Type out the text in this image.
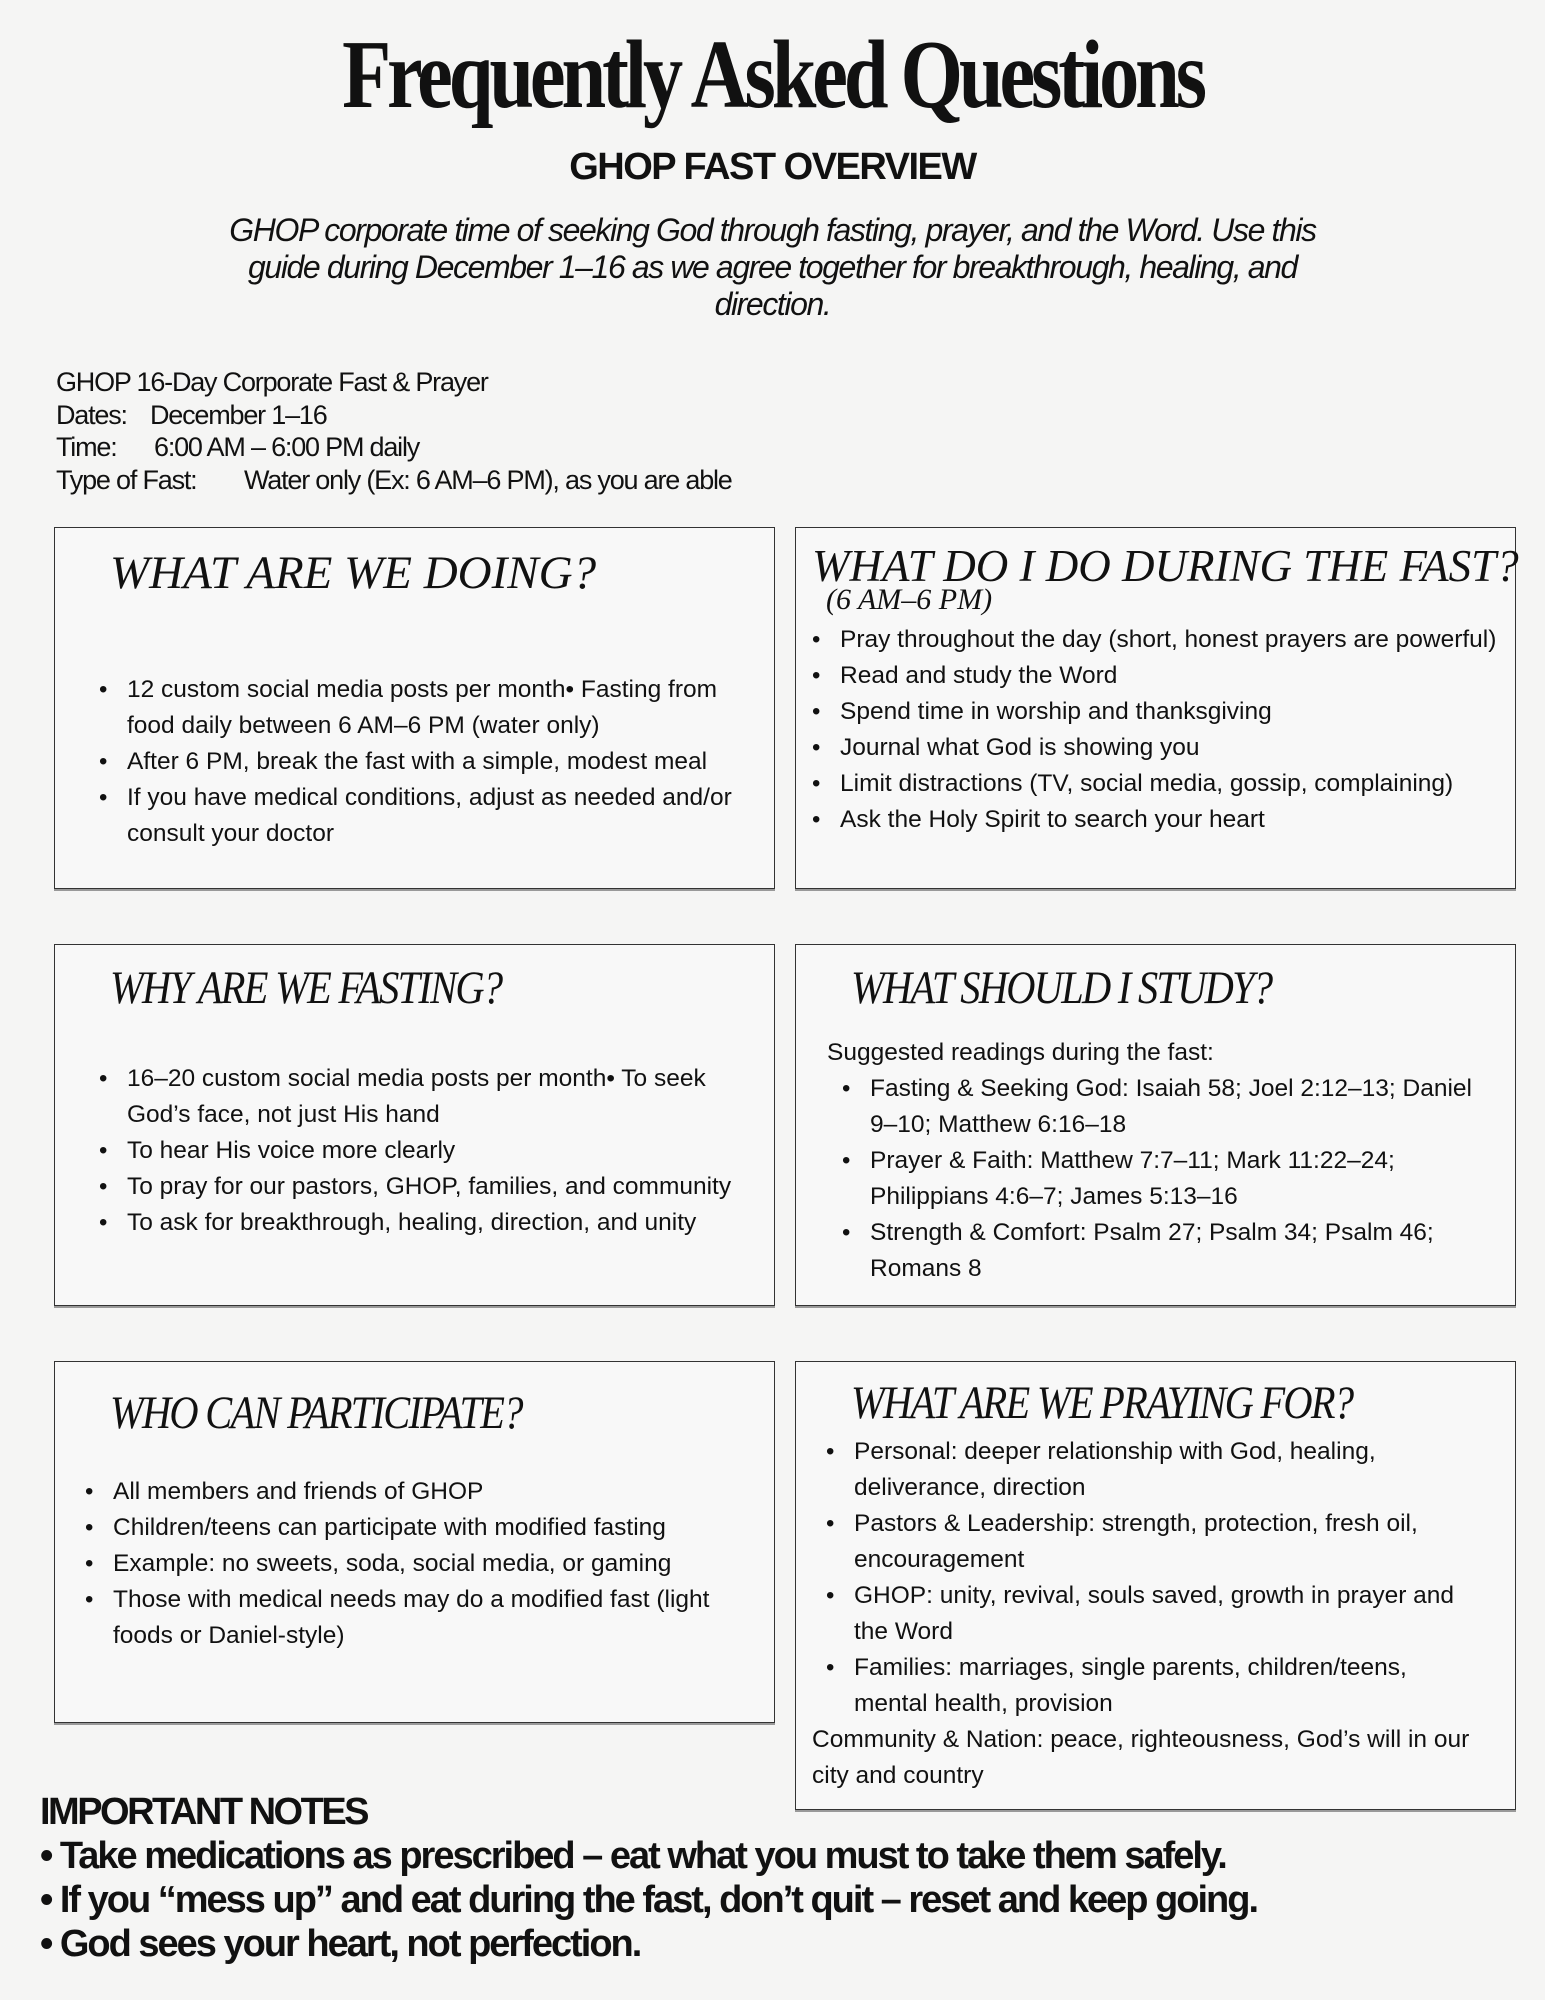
Frequently Asked Questions
GHOP FAST OVERVIEW
GHOP corporate time of seeking God through fasting, prayer, and the Word. Use this guide during December 1–16 as we agree together for breakthrough, healing, and direction.
GHOP 16-Day Corporate Fast & Prayer
Dates: December 1–16
Time: 6:00 AM – 6:00 PM daily
Type of Fast: Water only (Ex: 6 AM–6 PM), as you are able
WHAT ARE WE DOING?
• 12 custom social media posts per month• Fasting from food daily between 6 AM–6 PM (water only)
• After 6 PM, break the fast with a simple, modest meal
• If you have medical conditions, adjust as needed and/or consult your doctor
WHAT DO I DO DURING THE FAST?
(6 AM–6 PM)
• Pray throughout the day (short, honest prayers are powerful)
• Read and study the Word
• Spend time in worship and thanksgiving
• Journal what God is showing you
• Limit distractions (TV, social media, gossip, complaining)
• Ask the Holy Spirit to search your heart
WHY ARE WE FASTING?
• 16–20 custom social media posts per month• To seek God’s face, not just His hand
• To hear His voice more clearly
• To pray for our pastors, GHOP, families, and community
• To ask for breakthrough, healing, direction, and unity
WHAT SHOULD I STUDY?

Suggested readings during the fast:

• Fasting & Seeking God: Isaiah 58; Joel 2:12–13; Daniel 9–10; Matthew 6:16–18
• Prayer & Faith: Matthew 7:7–11; Mark 11:22–24; Philippians 4:6–7; James 5:13–16
• Strength & Comfort: Psalm 27; Psalm 34; Psalm 46; Romans 8
WHO CAN PARTICIPATE?
• All members and friends of GHOP
• Children/teens can participate with modified fasting
• Example: no sweets, soda, social media, or gaming
• Those with medical needs may do a modified fast (light foods or Daniel-style)
WHAT ARE WE PRAYING FOR?
• Personal: deeper relationship with God, healing, deliverance, direction
• Pastors & Leadership: strength, protection, fresh oil, encouragement
• GHOP: unity, revival, souls saved, growth in prayer and the Word
• Families: marriages, single parents, children/teens, mental health, provision

Community & Nation: peace, righteousness, God’s will in our city and country

IMPORTANT NOTES
• Take medications as prescribed – eat what you must to take them safely.
• If you “mess up” and eat during the fast, don’t quit – reset and keep going.
• God sees your heart, not perfection.
